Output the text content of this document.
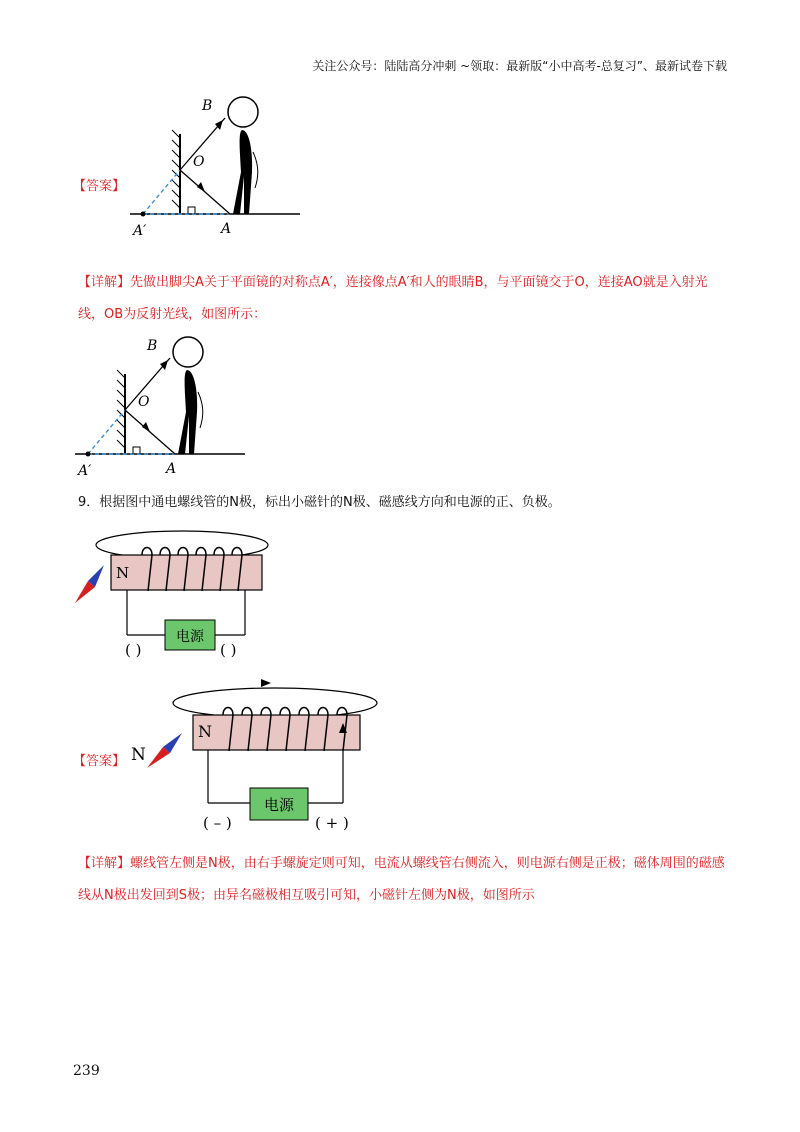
关注公众号：陆陆高分冲刺 ~领取：最新版“小中高考-总复习”、最新试卷下载
【答案】
B
O
A
A′
【详解】先做出脚尖A关于平面镜的对称点A′，连接像点A′和人的眼睛B，与平面镜交于O，连接AO就是入射光线，OB为反射光线，如图所示：
B
O
A
A′
9．根据图中通电螺线管的N极，标出小磁针的N极、磁感线方向和电源的正、负极。
电源
N
( )	( )
【答案】
电源
N
N
( – )	( + )
【详解】螺线管左侧是N极，由右手螺旋定则可知，电流从螺线管右侧流入，则电源右侧是正极；磁体周围的磁感线从N极出发回到S极；由异名磁极相互吸引可知，小磁针左侧为N极，如图所示
239
